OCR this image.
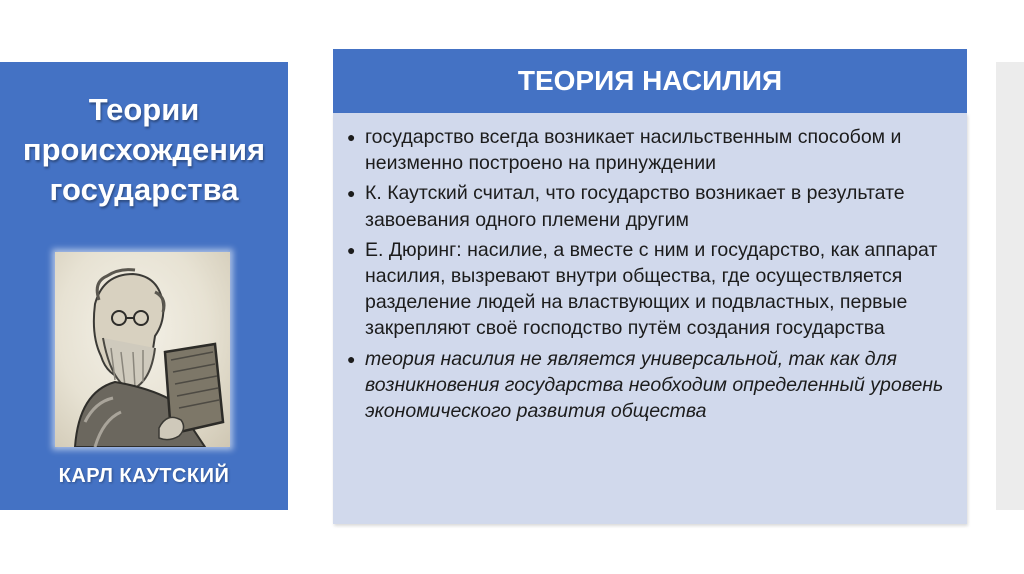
Теории
происхождения
государства
КАРЛ КАУТСКИЙ
ТЕОРИЯ НАСИЛИЯ
● государство всегда возникает насильственным способом и неизменно построено на принуждении
● К. Каутский считал, что государство возникает в результате завоевания одного племени другим
● Е. Дюринг: насилие, а вместе с ним и государство, как аппарат насилия, вызревают внутри общества, где осуществляется разделение людей на властвующих и подвластных, первые закрепляют своё господство путём создания государства
● теория насилия не является универсальной, так как для возникновения государства необходим определенный уровень экономического развития общества
